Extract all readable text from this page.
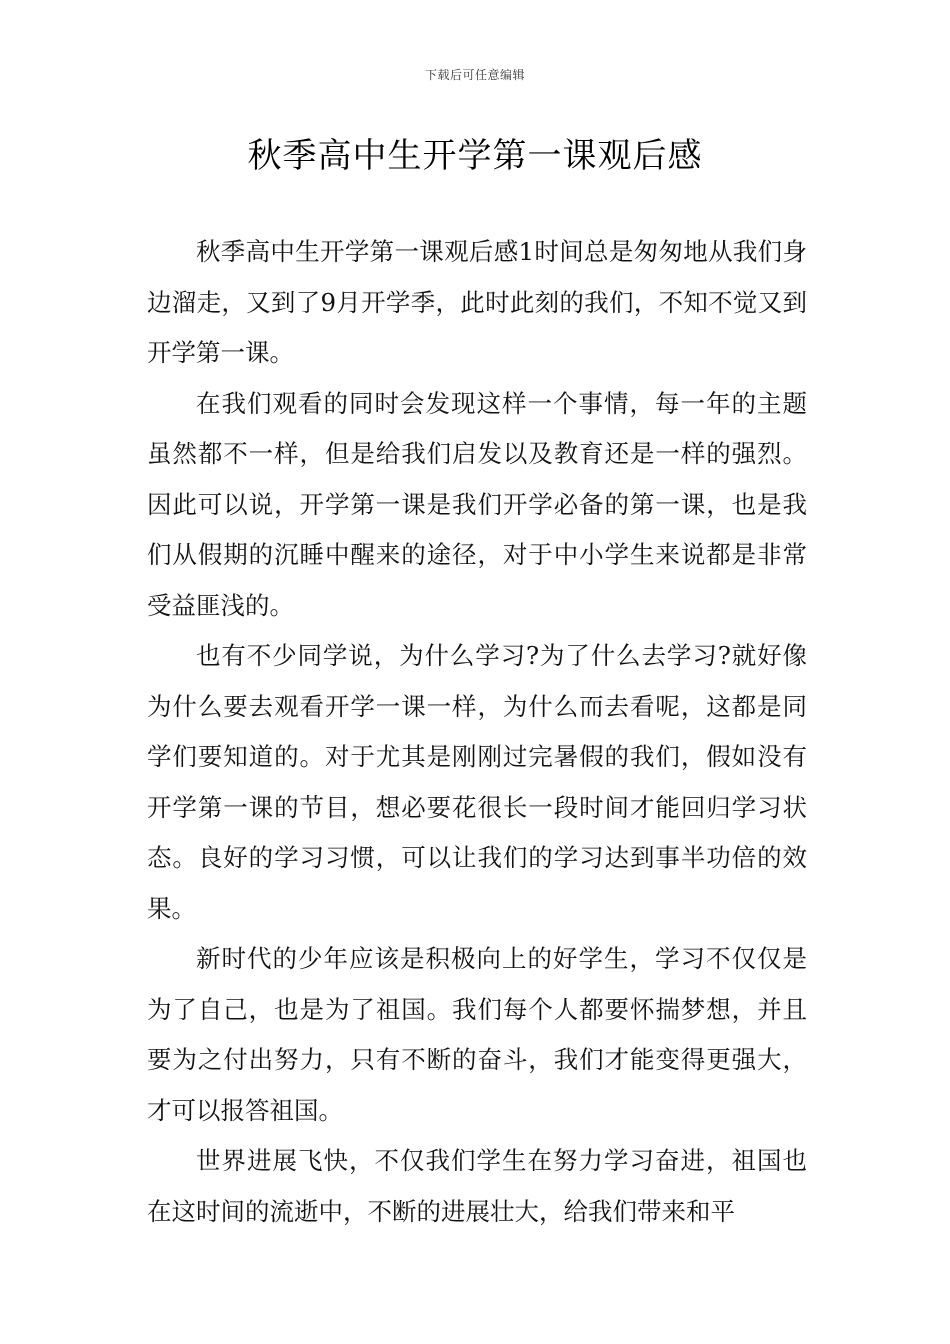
下载后可任意编辑
秋季高中生开学第一课观后感

秋季高中生开学第一课观后感1时间总是匆匆地从我们身边溜走，又到了9月开学季，此时此刻的我们，不知不觉又到开学第一课。

在我们观看的同时会发现这样一个事情，每一年的主题虽然都不一样，但是给我们启发以及教育还是一样的强烈。因此可以说，开学第一课是我们开学必备的第一课，也是我们从假期的沉睡中醒来的途径，对于中小学生来说都是非常受益匪浅的。

也有不少同学说，为什么学习?为了什么去学习?就好像为什么要去观看开学一课一样，为什么而去看呢，这都是同学们要知道的。对于尤其是刚刚过完暑假的我们，假如没有开学第一课的节目，想必要花很长一段时间才能回归学习状态。良好的学习习惯，可以让我们的学习达到事半功倍的效果。

新时代的少年应该是积极向上的好学生，学习不仅仅是为了自己，也是为了祖国。我们每个人都要怀揣梦想，并且要为之付出努力，只有不断的奋斗，我们才能变得更强大，才可以报答祖国。

世界进展飞快，不仅我们学生在努力学习奋进，祖国也在这时间的流逝中，不断的进展壮大，给我们带来和平
